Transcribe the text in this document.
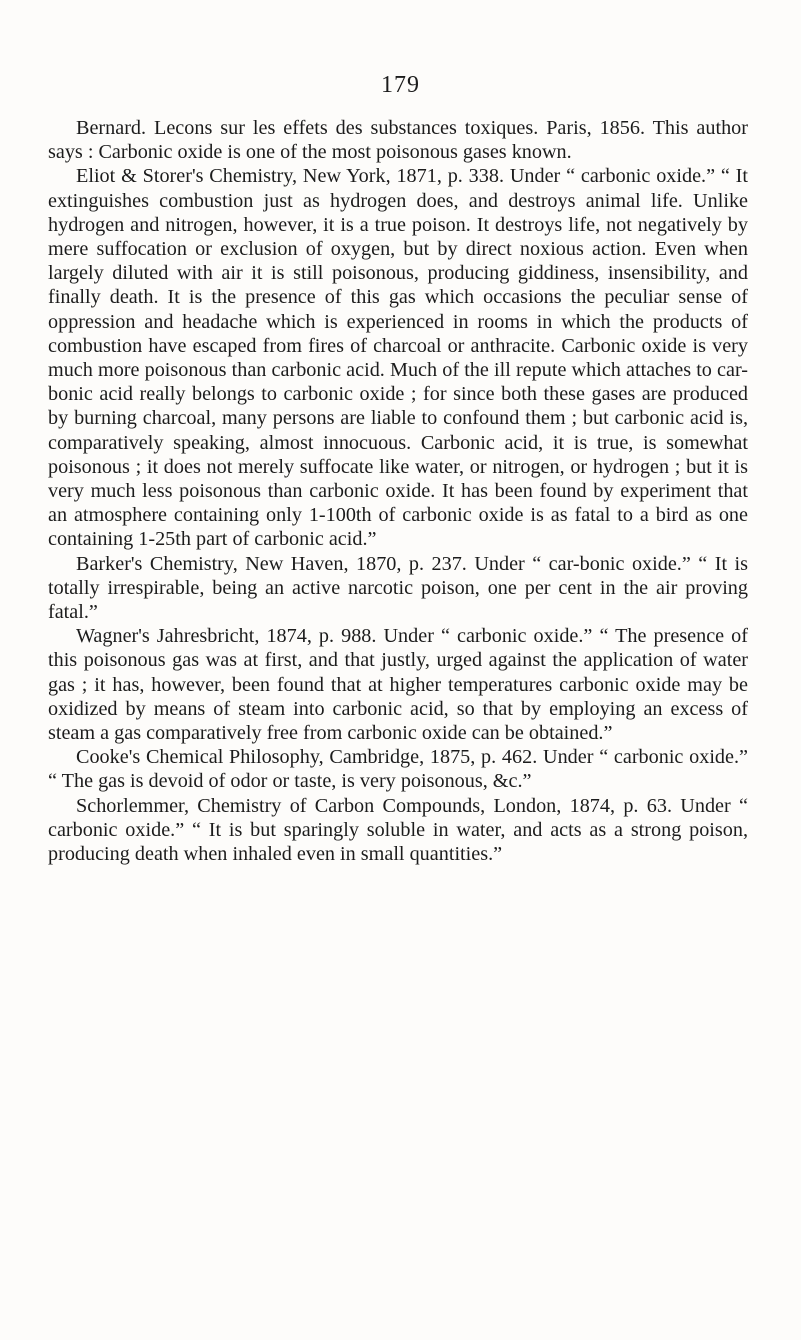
179

Bernard. Lecons sur les effets des substances toxiques. Paris, 1856. This author says : Carbonic oxide is one of the most poisonous gases known.

Eliot & Storer's Chemistry, New York, 1871, p. 338. Under “ carbonic oxide.” “ It extinguishes combustion just as hydrogen does, and destroys animal life. Unlike hydrogen and nitrogen, however, it is a true poison. It destroys life, not negatively by mere suffocation or exclusion of oxygen, but by direct noxious action. Even when largely diluted with air it is still poisonous, producing giddiness, insensibility, and finally death. It is the presence of this gas which occasions the peculiar sense of oppression and headache which is experienced in rooms in which the products of combustion have escaped from fires of charcoal or anthracite. Carbonic oxide is very much more poisonous than carbonic acid. Much of the ill repute which attaches to car-bonic acid really belongs to carbonic oxide ; for since both these gases are produced by burning charcoal, many persons are liable to confound them ; but carbonic acid is, comparatively speaking, almost innocuous. Carbonic acid, it is true, is somewhat poisonous ; it does not merely suffocate like water, or nitrogen, or hydrogen ; but it is very much less poisonous than carbonic oxide. It has been found by experiment that an atmosphere containing only 1-100th of carbonic oxide is as fatal to a bird as one containing 1-25th part of carbonic acid.”

Barker's Chemistry, New Haven, 1870, p. 237. Under “ car-bonic oxide.” “ It is totally irrespirable, being an active narcotic poison, one per cent in the air proving fatal.”

Wagner's Jahresbricht, 1874, p. 988. Under “ carbonic oxide.” “ The presence of this poisonous gas was at first, and that justly, urged against the application of water gas ; it has, however, been found that at higher temperatures carbonic oxide may be oxidized by means of steam into carbonic acid, so that by employing an excess of steam a gas comparatively free from carbonic oxide can be obtained.”

Cooke's Chemical Philosophy, Cambridge, 1875, p. 462. Under “ carbonic oxide.” “ The gas is devoid of odor or taste, is very poisonous, &c.”

Schorlemmer, Chemistry of Carbon Compounds, London, 1874, p. 63. Under “ carbonic oxide.” “ It is but sparingly soluble in water, and acts as a strong poison, producing death when inhaled even in small quantities.”
